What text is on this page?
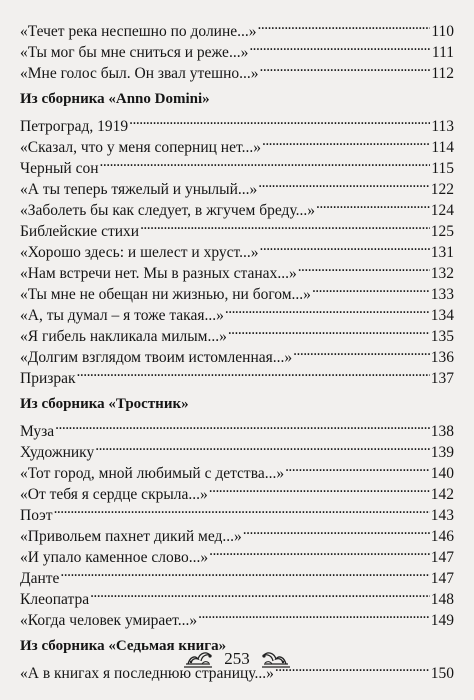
«Течет река неспешно по долине...» . . .	110
«Ты мог бы мне сниться и реже...» . . .	111
«Мне голос был. Он звал утешно...» . . .	112
Из сборника «Anno Domini»
Петроград, 1919 . . .	113
«Сказал, что у меня соперниц нет...» . . .	114
Черный сон . . .	115
«А ты теперь тяжелый и унылый...» . . .	122
«Заболеть бы как следует, в жгучем бреду...» . . .	124
Библейские стихи . . .	125
«Хорошо здесь: и шелест и хруст...» . . .	131
«Нам встречи нет. Мы в разных станах...» . . .	132
«Ты мне не обещан ни жизнью, ни богом...» . . .	133
«А, ты думал – я тоже такая...» . . .	134
«Я гибель накликала милым...» . . .	135
«Долгим взглядом твоим истомленная...» . . .	136
Призрак . . .	137
Из сборника «Тростник»
Муза . . .	138
Художнику . . .	139
«Тот город, мной любимый с детства...» . . .	140
«От тебя я сердце скрыла...» . . .	142
Поэт . . .	143
«Привольем пахнет дикий мед...» . . .	146
«И упало каменное слово...» . . .	147
Данте . . .	147
Клеопатра . . .	148
«Когда человек умирает...» . . .	149
Из сборника «Седьмая книга»
«А в книгах я последнюю страницу...» . . .	150
253
